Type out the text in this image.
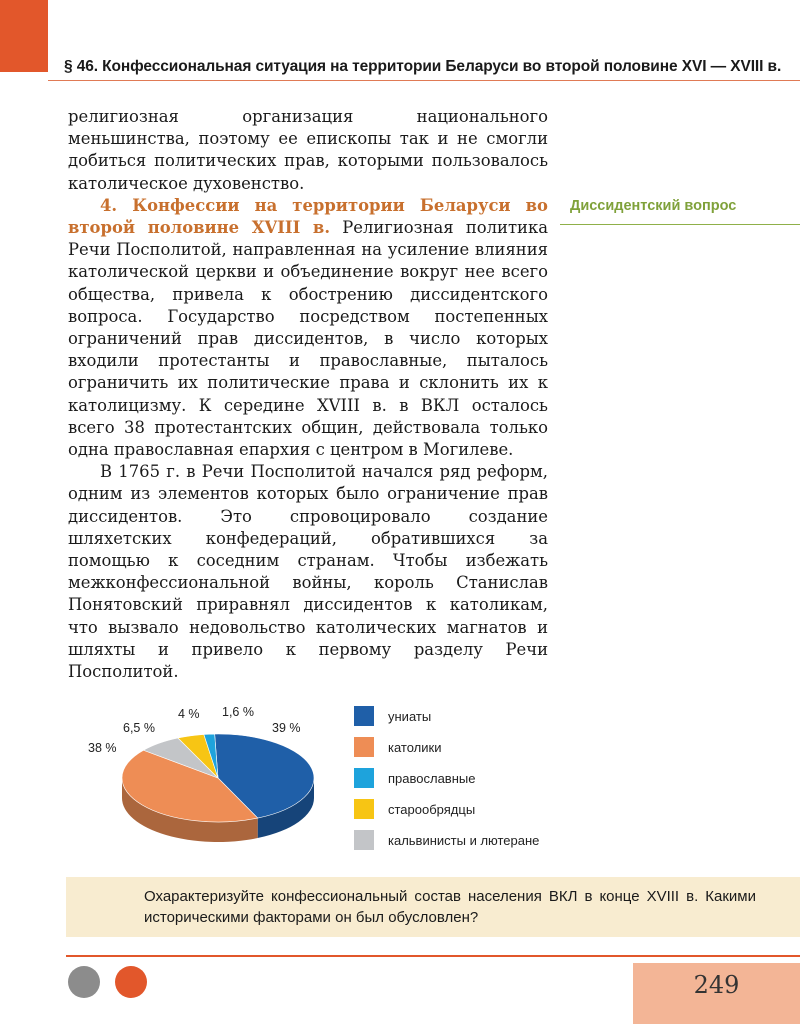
§ 46. Конфессиональная ситуация на территории Беларуси во второй половине XVI — XVIII в.

религиозная организация национального меньшинства, поэтому ее епископы так и не смогли добиться политических прав, которыми пользовалось католическое духовенство.

4. Конфессии на территории Беларуси во второй половине XVIII в. Религиозная политика Речи Посполитой, направленная на усиление влияния католической церкви и объединение вокруг нее всего общества, привела к обострению диссидентского вопроса. Государство посредством постепенных ограничений прав диссидентов, в число которых входили протестанты и православные, пыталось ограничить их политические права и склонить их к католицизму. К середине XVIII в. в ВКЛ осталось всего 38 протестантских общин, действовала только одна православная епархия с центром в Могилеве.

В 1765 г. в Речи Посполитой начался ряд реформ, одним из элементов которых было ограничение прав диссидентов. Это спровоцировало создание шляхетских конфедераций, обратившихся за помощью к соседним странам. Чтобы избежать межконфессиональной войны, король Станислав Понятовский приравнял диссидентов к католикам, что вызвало недовольство католических магнатов и шляхты и привело к первому разделу Речи Посполитой.

Диссидентский вопрос
39 %
38 %
6,5 %
4 % 1,6 %	униаты
католики
православные
старообрядцы
кальвинисты и лютеране
Охарактеризуйте конфессиональный состав населения ВКЛ в конце XVIII в. Какими историческими факторами он был обусловлен?
249
